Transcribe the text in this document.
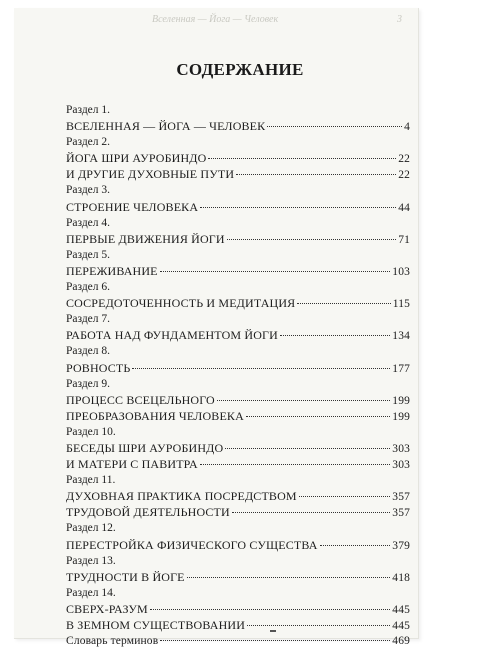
Вселенная — Йога — Человек	3
СОДЕРЖАНИЕ
Раздел 1.
ВСЕЛЕННАЯ — ЙОГА — ЧЕЛОВЕК	4
Раздел 2.
ЙОГА ШРИ АУРОБИНДО	22
И ДРУГИЕ ДУХОВНЫЕ ПУТИ	22
Раздел 3.
СТРОЕНИЕ ЧЕЛОВЕКА	44
Раздел 4.
ПЕРВЫЕ ДВИЖЕНИЯ ЙОГИ	71
Раздел 5.
ПЕРЕЖИВАНИЕ	103
Раздел 6.
СОСРЕДОТОЧЕННОСТЬ И МЕДИТАЦИЯ	115
Раздел 7.
РАБОТА НАД ФУНДАМЕНТОМ ЙОГИ	134
Раздел 8.
РОВНОСТЬ	177
Раздел 9.
ПРОЦЕСС ВСЕЦЕЛЬНОГО	199
ПРЕОБРАЗОВАНИЯ ЧЕЛОВЕКА	199
Раздел 10.
БЕСЕДЫ ШРИ АУРОБИНДО	303
И МАТЕРИ С ПАВИТРА	303
Раздел 11.
ДУХОВНАЯ ПРАКТИКА ПОСРЕДСТВОМ	357
ТРУДОВОЙ ДЕЯТЕЛЬНОСТИ	357
Раздел 12.
ПЕРЕСТРОЙКА ФИЗИЧЕСКОГО СУЩЕСТВА	379
Раздел 13.
ТРУДНОСТИ В ЙОГЕ	418
Раздел 14.
СВЕРХ-РАЗУМ	445
В ЗЕМНОМ СУЩЕСТВОВАНИИ	445
Словарь терминов	469
